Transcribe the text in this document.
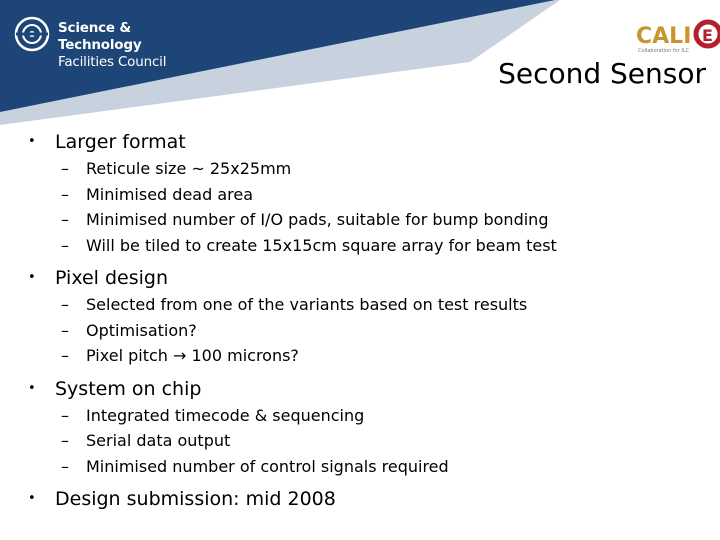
Science & Technology
Facilities Council
CALI E
Collaboration for ILC
Second Sensor
• Larger format
– Reticule size ~ 25x25mm
– Minimised dead area
– Minimised number of I/O pads, suitable for bump bonding
– Will be tiled to create 15x15cm square array for beam test
• Pixel design
– Selected from one of the variants based on test results
– Optimisation?
– Pixel pitch → 100 microns?
• System on chip
– Integrated timecode & sequencing
– Serial data output
– Minimised number of control signals required
• Design submission: mid 2008
